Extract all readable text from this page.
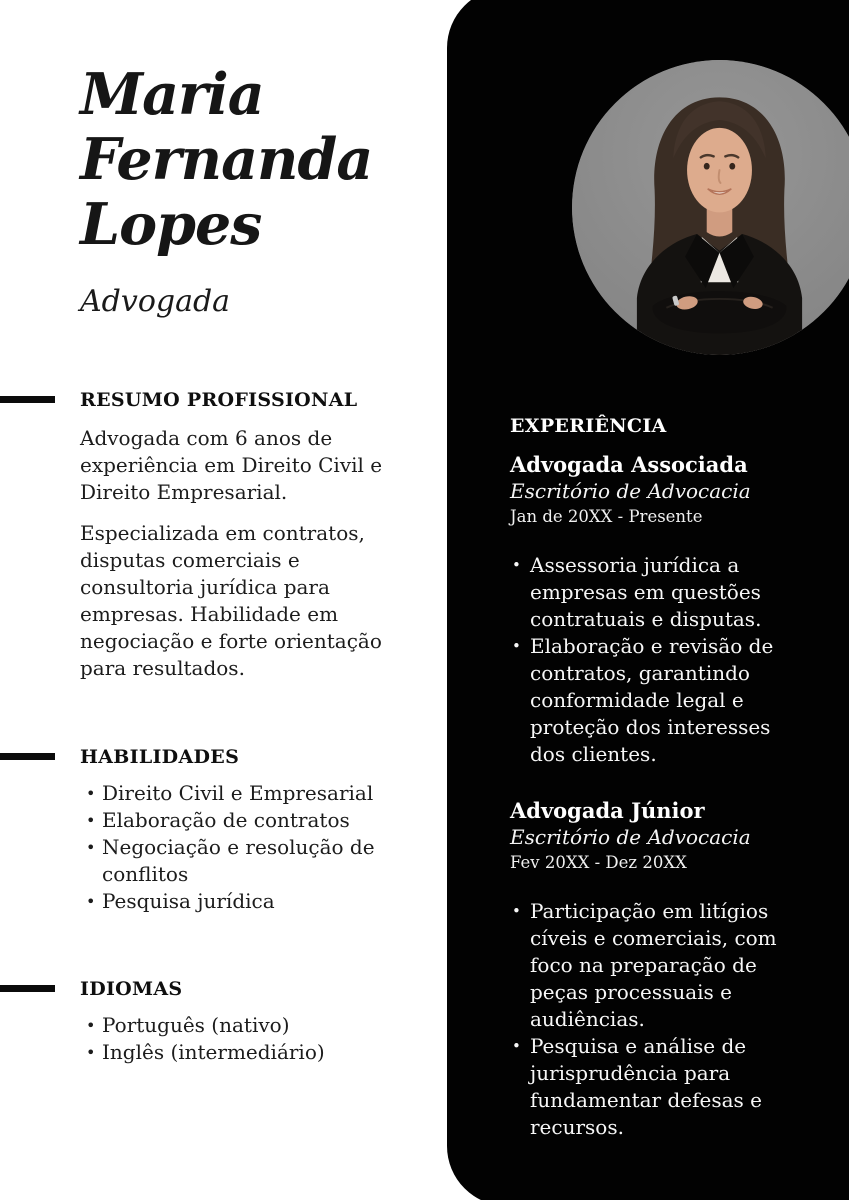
Maria
Fernanda
Lopes
Advogada
RESUMO PROFISSIONAL

Advogada com 6 anos de experiência em Direito Civil e Direito Empresarial.

Especializada em contratos, disputas comerciais e consultoria jurídica para empresas. Habilidade em negociação e forte orientação para resultados.

HABILIDADES
• Direito Civil e Empresarial
• Elaboração de contratos
• Negociação e resolução de conflitos
• Pesquisa jurídica
IDIOMAS
• Português (nativo)
• Inglês (intermediário)
EXPERIÊNCIA
Advogada Associada
Escritório de Advocacia
Jan de 20XX - Presente
• Assessoria jurídica a empresas em questões contratuais e disputas.
• Elaboração e revisão de contratos, garantindo conformidade legal e proteção dos interesses dos clientes.
Advogada Júnior
Escritório de Advocacia
Fev 20XX - Dez 20XX
• Participação em litígios cíveis e comerciais, com foco na preparação de peças processuais e audiências.
• Pesquisa e análise de jurisprudência para fundamentar defesas e recursos.
